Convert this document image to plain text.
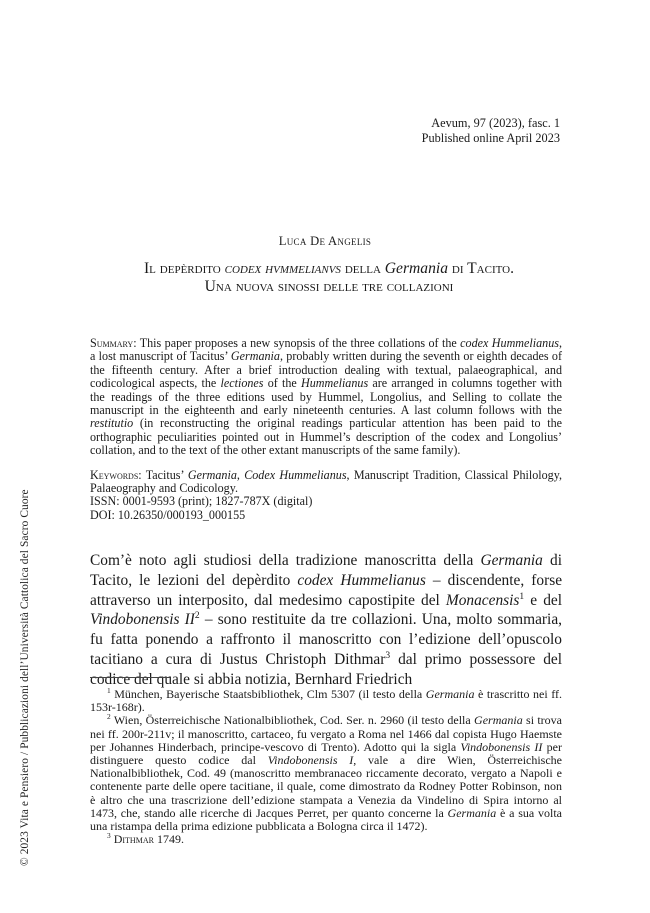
© 2023 Vita e Pensiero / Pubblicazioni dell’Università Cattolica del Sacro Cuore
Aevum, 97 (2023), fasc. 1
Published online April 2023
Luca De Angelis
Il depèrdito codex hvmmelianvs della Germania di Tacito.
Una nuova sinossi delle tre collazioni

Summary: This paper proposes a new synopsis of the three collations of the codex Hummelianus, a lost manuscript of Tacitus’ Germania, probably written during the seventh or eighth decades of the fifteenth century. After a brief introduction dealing with textual, palaeographical, and codicological aspects, the lectiones of the Hummelianus are arranged in columns together with the readings of the three editions used by Hummel, Longolius, and Selling to collate the manuscript in the eighteenth and early nineteenth centuries. A last column follows with the restitutio (in reconstructing the original readings particular attention has been paid to the orthographic peculiarities pointed out in Hummel’s description of the codex and Longolius’ collation, and to the text of the other extant manuscripts of the same family).

Keywords: Tacitus’ Germania, Codex Hummelianus, Manuscript Tradition, Classical Philology, Palaeography and Codicology.

ISSN: 0001-9593 (print); 1827-787X (digital)

DOI: 10.26350/000193_000155

Com’è noto agli studiosi della tradizione manoscritta della Germania di Tacito, le lezioni del depèrdito codex Hummelianus – discendente, forse attraverso un interposito, dal medesimo capostipite del Monacensis$^1$ e del Vindobonensis $II^2$ – sono restituite da tre collazioni. Una, molto sommaria, fu fatta ponendo a raffronto il manoscritto con l’edizione dell’opuscolo tacitiano a cura di Justus Christoph Dithmar$^3$ dal primo possessore del codice del quale si abbia notizia, Bernhard Friedrich

$^1$ München, Bayerische Staatsbibliothek, Clm 5307 (il testo della Germania è trascritto nei ff. 153r-168r).

$^2$ Wien, Österreichische Nationalbibliothek, Cod. Ser. n. 2960 (il testo della Germania si trova nei ff. 200r-211v; il manoscritto, cartaceo, fu vergato a Roma nel 1466 dal copista Hugo Haemste per Johannes Hinderbach, principe-vescovo di Trento). Adotto qui la sigla Vindobonensis II per distinguere questo codice dal Vindobonensis I, vale a dire Wien, Österreichische Nationalbibliothek, Cod. 49 (manoscritto membranaceo riccamente decorato, vergato a Napoli e contenente parte delle opere tacitiane, il quale, come dimostrato da Rodney Potter Robinson, non è altro che una trascrizione dell’edizione stampata a Venezia da Vindelino di Spira intorno al 1473, che, stando alle ricerche di Jacques Perret, per quanto concerne la Germania è a sua volta una ristampa della prima edizione pubblicata a Bologna circa il 1472).

$^3$ Dithmar 1749.
